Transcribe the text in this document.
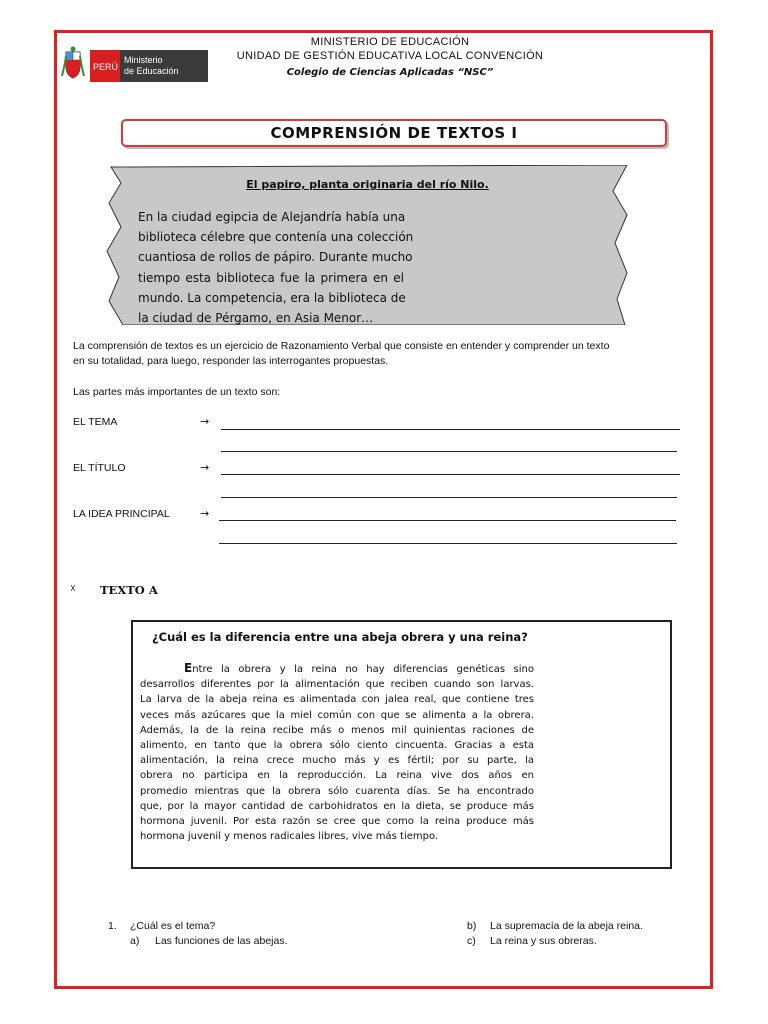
PERÚ
Ministerio
de Educación
MINISTERIO DE EDUCACIÓN
UNIDAD DE GESTIÓN EDUCATIVA LOCAL CONVENCIÓN
Colegio de Ciencias Aplicadas “NSC”
COMPRENSIÓN DE TEXTOS I
El papiro, planta originaria del río Nilo.
En la ciudad egipcia de Alejandría había una
biblioteca célebre que contenía una colección
cuantiosa de rollos de pápiro. Durante mucho
tiempo esta biblioteca fue la primera en el
mundo. La competencia, era la biblioteca de
la ciudad de Pérgamo, en Asia Menor…
La comprensión de textos es un ejercicio de Razonamiento Verbal que consiste en entender y comprender un texto
en su totalidad, para luego, responder las interrogantes propuestas.
Las partes más importantes de un texto son:
EL TEMA	→
EL TÍTULO	→
LA IDEA PRINCIPAL	→
☓ TEXTO A
¿Cuál es la diferencia entre una abeja obrera y una reina?
Entre la obrera y la reina no hay diferencias genéticas sino
desarrollos diferentes por la alimentación que reciben cuando son larvas.
La larva de la abeja reina es alimentada con jalea real, que contiene tres
veces más azúcares que la miel común con que se alimenta a la obrera.
Además, la de la reina recibe más o menos mil quinientas raciones de
alimento, en tanto que la obrera sólo ciento cincuenta. Gracias a esta
alimentación, la reina crece mucho más y es fértil; por su parte, la
obrera no participa en la reproducción. La reina vive dos años en
promedio mientras que la obrera sólo cuarenta días. Se ha encontrado
que, por la mayor cantidad de carbohidratos en la dieta, se produce más
hormona juvenil. Por esta razón se cree que como la reina produce más
hormona juvenil y menos radicales libres, vive más tiempo.
1. ¿Cuál es el tema?
a) Las funciones de las abejas.
b) La supremacía de la abeja reina.
c) La reina y sus obreras.
